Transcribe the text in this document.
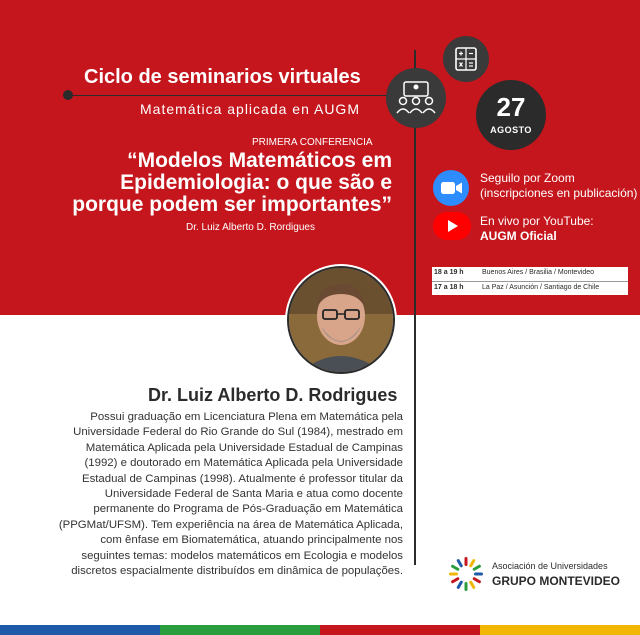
Ciclo de seminarios virtuales
Matemática aplicada en AUGM	27
AGOSTO
PRIMERA CONFERENCIA
“Modelos Matemáticos em
Epidemiologia: o que são e
porque podem ser importantes”
Dr. Luiz Alberto D. Rordigues
Seguilo por Zoom
(inscripciones en publicación)
En vivo por YouTube:
AUGM Oficial
18 a 19 h	Buenos Aires / Brasilia / Montevideo
17 a 18 h	La Paz / Asunción / Santiago de Chile
Dr. Luiz Alberto D. Rodrigues
Possui graduação em Licenciatura Plena em Matemática pela
Universidade Federal do Rio Grande do Sul (1984), mestrado em
Matemática Aplicada pela Universidade Estadual de Campinas
(1992) e doutorado em Matemática Aplicada pela Universidade
Estadual de Campinas (1998). Atualmente é professor titular da
Universidade Federal de Santa Maria e atua como docente
permanente do Programa de Pós-Graduação em Matemática
(PPGMat/UFSM). Tem experiência na área de Matemática Aplicada,
com ênfase em Biomatemática, atuando principalmente nos
seguintes temas: modelos matemáticos em Ecologia e modelos
discretos espacialmente distribuídos em dinâmica de populações.	Asociación de Universidades
GRUPO MONTEVIDEO
